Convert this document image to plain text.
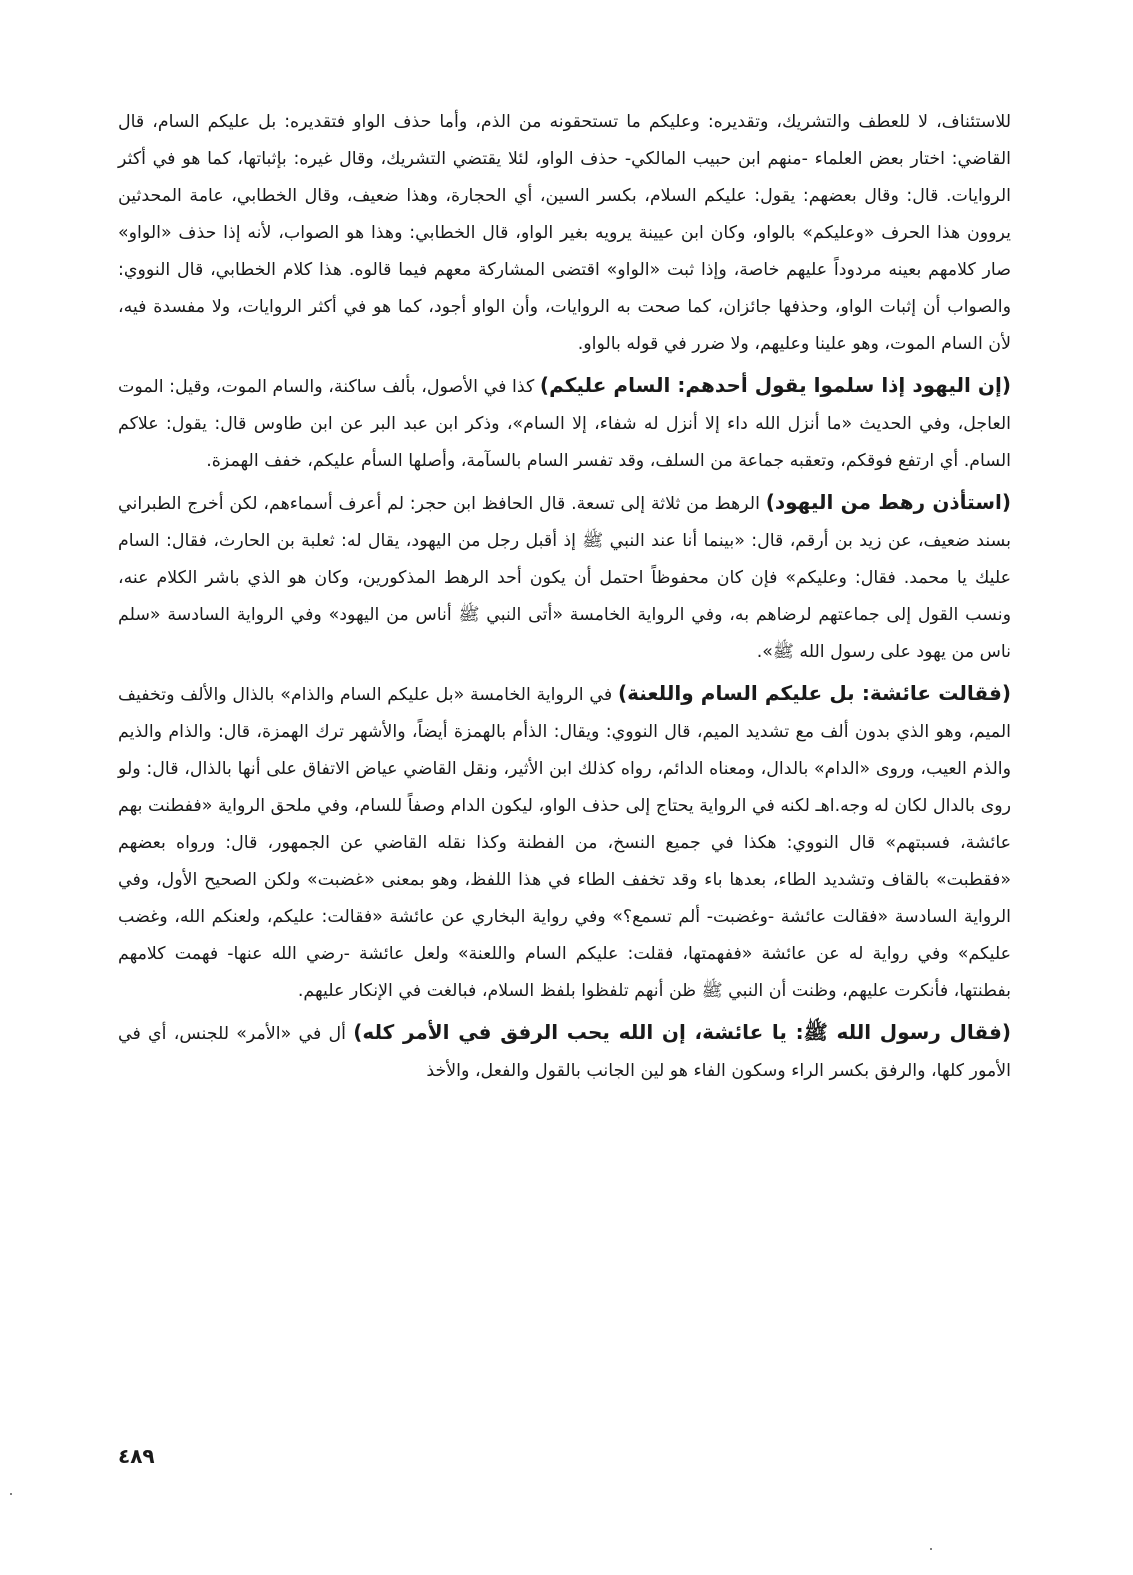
للاستئناف، لا للعطف والتشريك، وتقديره: وعليكم ما تستحقونه من الذم، وأما حذف الواو فتقديره: بل عليكم السام، قال القاضي: اختار بعض العلماء -منهم ابن حبيب المالكي- حذف الواو، لئلا يقتضي التشريك، وقال غيره: بإثباتها، كما هو في أكثر الروايات. قال: وقال بعضهم: يقول: عليكم السلام، بكسر السين، أي الحجارة، وهذا ضعيف، وقال الخطابي، عامة المحدثين يروون هذا الحرف «وعليكم» بالواو، وكان ابن عيينة يرويه بغير الواو، قال الخطابي: وهذا هو الصواب، لأنه إذا حذف «الواو» صار كلامهم بعينه مردوداً عليهم خاصة، وإذا ثبت «الواو» اقتضى المشاركة معهم فيما قالوه. هذا كلام الخطابي، قال النووي: والصواب أن إثبات الواو، وحذفها جائزان، كما صحت به الروايات، وأن الواو أجود، كما هو في أكثر الروايات، ولا مفسدة فيه، لأن السام الموت، وهو علينا وعليهم، ولا ضرر في قوله بالواو.

(إن اليهود إذا سلموا يقول أحدهم: السام عليكم) كذا في الأصول، بألف ساكنة، والسام الموت، وقيل: الموت العاجل، وفي الحديث «ما أنزل الله داء إلا أنزل له شفاء، إلا السام»، وذكر ابن عبد البر عن ابن طاوس قال: يقول: علاكم السام. أي ارتفع فوقكم، وتعقبه جماعة من السلف، وقد تفسر السام بالسآمة، وأصلها السأم عليكم، خفف الهمزة.

(استأذن رهط من اليهود) الرهط من ثلاثة إلى تسعة. قال الحافظ ابن حجر: لم أعرف أسماءهم، لكن أخرج الطبراني بسند ضعيف، عن زيد بن أرقم، قال: «بينما أنا عند النبي ﷺ إذ أقبل رجل من اليهود، يقال له: ثعلبة بن الحارث، فقال: السام عليك يا محمد. فقال: وعليكم» فإن كان محفوظاً احتمل أن يكون أحد الرهط المذكورين، وكان هو الذي باشر الكلام عنه، ونسب القول إلى جماعتهم لرضاهم به، وفي الرواية الخامسة «أتى النبي ﷺ أناس من اليهود» وفي الرواية السادسة «سلم ناس من يهود على رسول الله ﷺ».

(فقالت عائشة: بل عليكم السام واللعنة) في الرواية الخامسة «بل عليكم السام والذام» بالذال والألف وتخفيف الميم، وهو الذي بدون ألف مع تشديد الميم، قال النووي: ويقال: الذأم بالهمزة أيضاً، والأشهر ترك الهمزة، قال: والذام والذيم والذم العيب، وروى «الدام» بالدال، ومعناه الدائم، رواه كذلك ابن الأثير، ونقل القاضي عياض الاتفاق على أنها بالذال، قال: ولو روى بالدال لكان له وجه.اهـ لكنه في الرواية يحتاج إلى حذف الواو، ليكون الدام وصفاً للسام، وفي ملحق الرواية «ففطنت بهم عائشة، فسبتهم» قال النووي: هكذا في جميع النسخ، من الفطنة وكذا نقله القاضي عن الجمهور، قال: ورواه بعضهم «فقطبت» بالقاف وتشديد الطاء، بعدها باء وقد تخفف الطاء في هذا اللفظ، وهو بمعنى «غضبت» ولكن الصحيح الأول، وفي الرواية السادسة «فقالت عائشة -وغضبت- ألم تسمع؟» وفي رواية البخاري عن عائشة «فقالت: عليكم، ولعنكم الله، وغضب عليكم» وفي رواية له عن عائشة «ففهمتها، فقلت: عليكم السام واللعنة» ولعل عائشة -رضي الله عنها- فهمت كلامهم بفطنتها، فأنكرت عليهم، وظنت أن النبي ﷺ ظن أنهم تلفظوا بلفظ السلام، فبالغت في الإنكار عليهم.

(فقال رسول الله ﷺ: يا عائشة، إن الله يحب الرفق في الأمر كله) أل في «الأمر» للجنس، أي في الأمور كلها، والرفق بكسر الراء وسكون الفاء هو لين الجانب بالقول والفعل، والأخذ

٤٨٩
